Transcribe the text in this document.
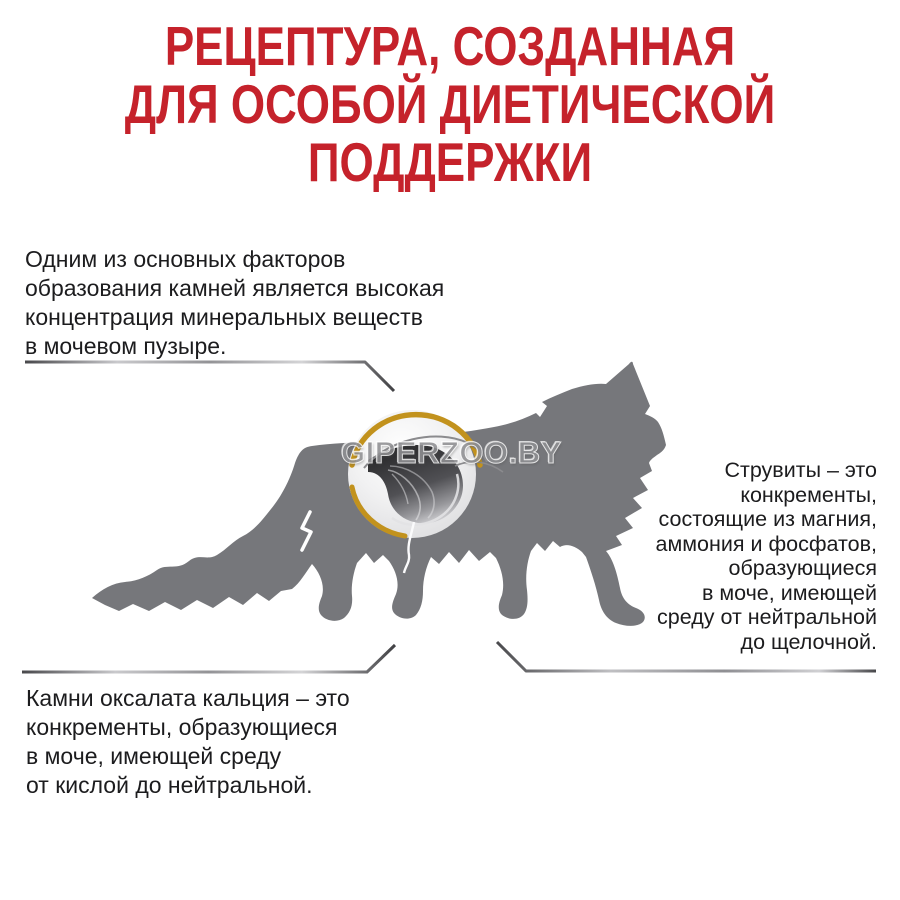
РЕЦЕПТУРА, СОЗДАННАЯ
ДЛЯ ОСОБОЙ ДИЕТИЧЕСКОЙ
ПОДДЕРЖКИ
GIPERZOO.BY

Одним из основных факторов
образования камней является высокая
концентрация минеральных веществ
в мочевом пузыре.

Струвиты – это
конкременты,
состоящие из магния,
аммония и фосфатов,
образующиеся
в моче, имеющей
среду от нейтральной
до щелочной.

Камни оксалата кальция – это
конкременты, образующиеся
в моче, имеющей среду
от кислой до нейтральной.
